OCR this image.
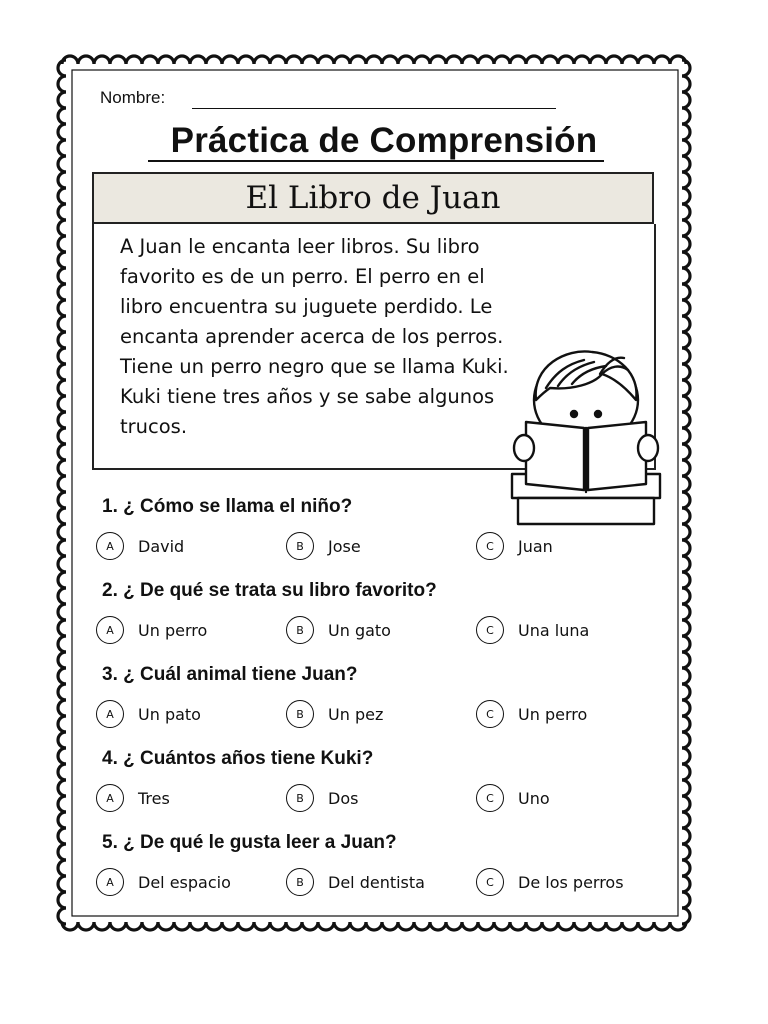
Nombre:
Práctica de Comprensión
El Libro de Juan
A Juan le encanta leer libros. Su libro favorito es de un perro. El perro en el libro encuentra su juguete perdido. Le encanta aprender acerca de los perros. Tiene un perro negro que se llama Kuki. Kuki tiene tres años y se sabe algunos trucos.
1. ¿ Cómo se llama el niño?
A	David	B	Jose	C	Juan
2. ¿ De qué se trata su libro favorito?
A	Un perro	B	Un gato	C	Una luna
3. ¿ Cuál animal tiene Juan?
A	Un pato	B	Un pez	C	Un perro
4. ¿ Cuántos años tiene Kuki?
A	Tres	B	Dos	C	Uno
5. ¿ De qué le gusta leer a Juan?
A	Del espacio	B	Del dentista	C	De los perros
